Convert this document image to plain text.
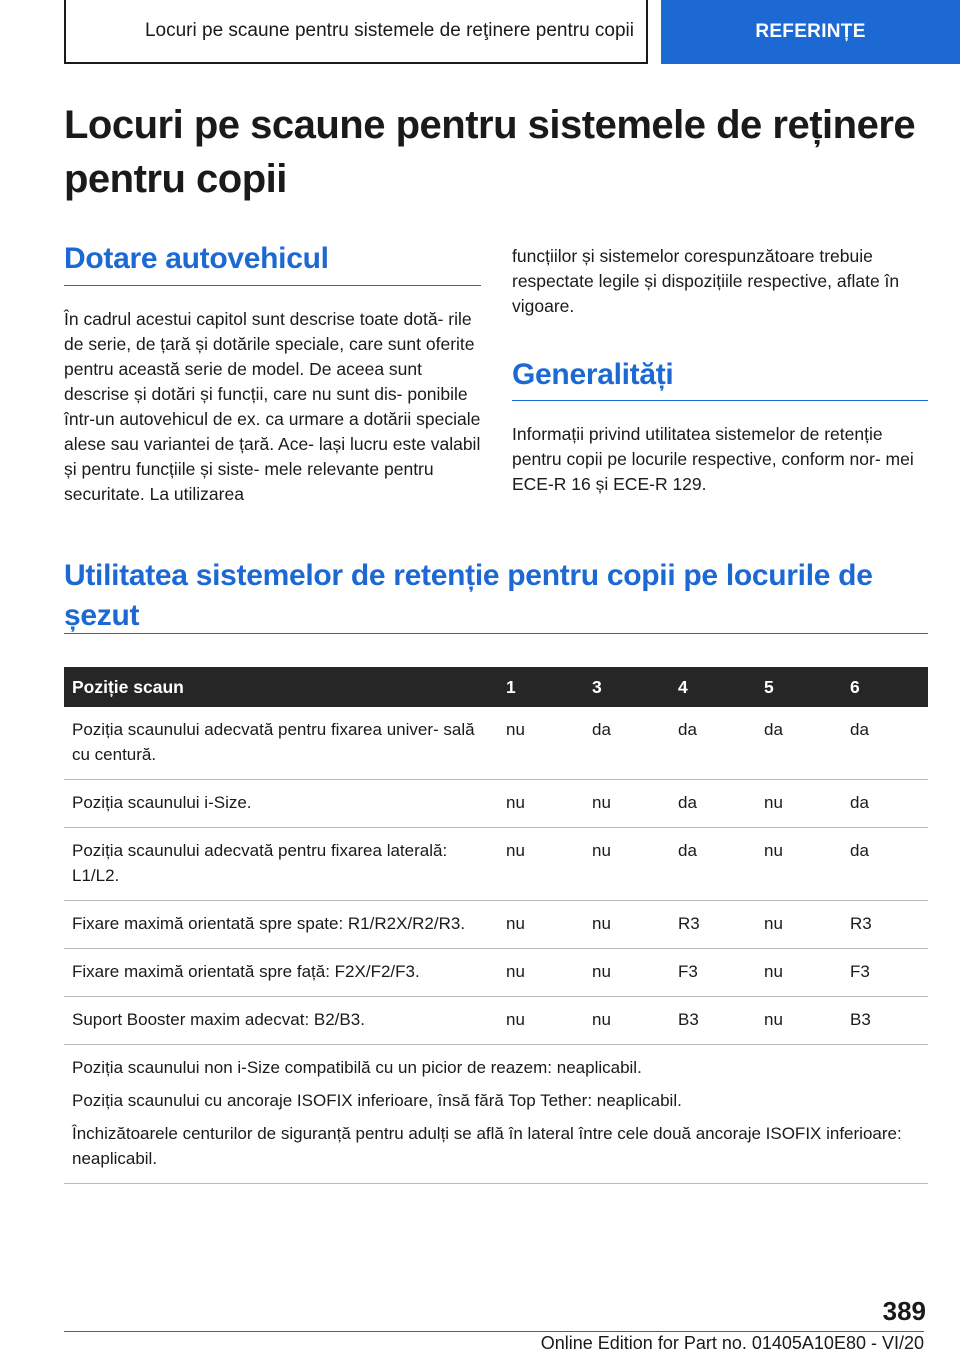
Locuri pe scaune pentru sistemele de reţinere pentru copii	REFERINȚE
Locuri pe scaune pentru sistemele de reținere pentru copii
Dotare autovehicul
În cadrul acestui capitol sunt descrise toate dotă‐ rile de serie, de țară și dotările speciale, care sunt oferite pentru această serie de model. De aceea sunt descrise și dotări și funcții, care nu sunt dis‐ ponibile într-un autovehicul de ex. ca urmare a dotării speciale alese sau variantei de țară. Ace‐ lași lucru este valabil și pentru funcțiile și siste‐ mele relevante pentru securitate. La utilizarea
funcțiilor și sistemelor corespunzătoare trebuie respectate legile și dispozițiile respective, aflate în vigoare.
Generalități
Informații privind utilitatea sistemelor de retenție pentru copii pe locurile respective, conform nor‐ mei ECE-R 16 și ECE-R 129.
Utilitatea sistemelor de retenție pentru copii pe locurile de șezut
Poziție scaun	1	3	4	5	6
Poziția scaunului adecvată pentru fixarea univer‐ sală cu centură.	nu	da	da	da	da
Poziția scaunului i-Size.	nu	nu	da	nu	da
Poziția scaunului adecvată pentru fixarea laterală: L1/L2.	nu	nu	da	nu	da
Fixare maximă orientată spre spate: R1/R2X/R2/R3.	nu	nu	R3	nu	R3
Fixare maximă orientată spre față: F2X/F2/F3.	nu	nu	F3	nu	F3
Suport Booster maxim adecvat: B2/B3.	nu	nu	B3	nu	B3

Poziția scaunului non i-Size compatibilă cu un picior de reazem: neaplicabil.

Poziția scaunului cu ancoraje ISOFIX inferioare, însă fără Top Tether: neaplicabil.

Închizătoarele centurilor de siguranță pentru adulți se află în lateral între cele două ancoraje ISOFIX inferioare: neaplicabil.					

389
Online Edition for Part no. 01405A10E80 - VI/20
